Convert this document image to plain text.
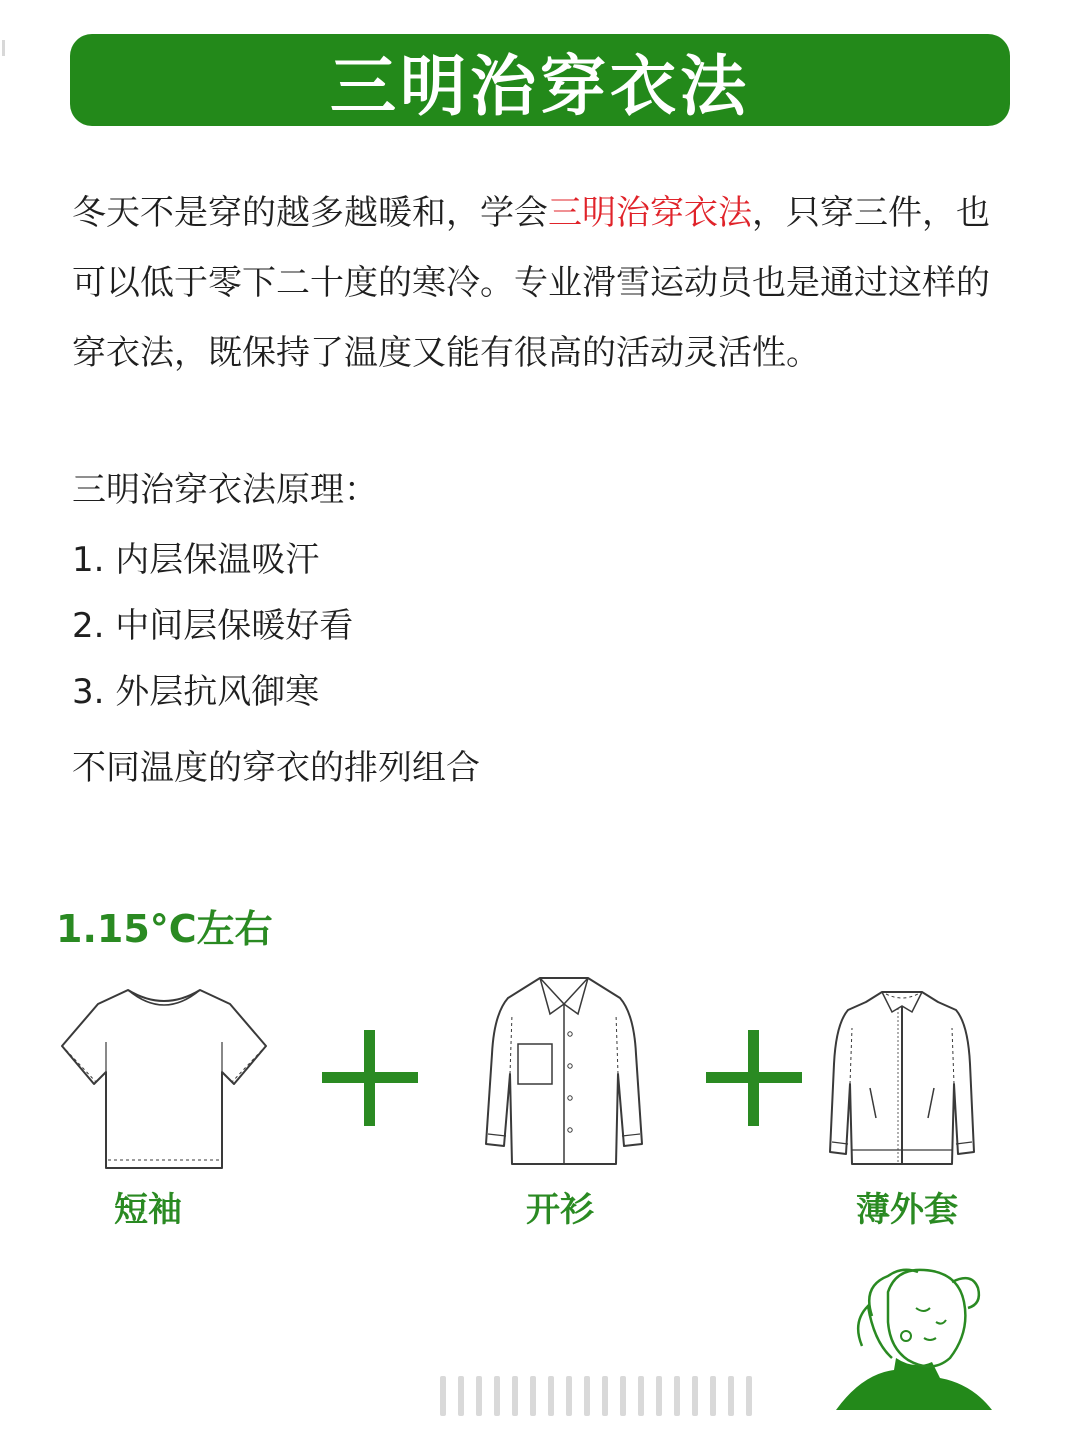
三明治穿衣法
冬天不是穿的越多越暖和，学会三明治穿衣法，只穿三件，也可以低于零下二十度的寒冷。专业滑雪运动员也是通过这样的穿衣法，既保持了温度又能有很高的活动灵活性。
三明治穿衣法原理：
1. 内层保温吸汗
2. 中间层保暖好看
3. 外层抗风御寒
不同温度的穿衣的排列组合
1.15°C左右
短袖	开衫	薄外套
